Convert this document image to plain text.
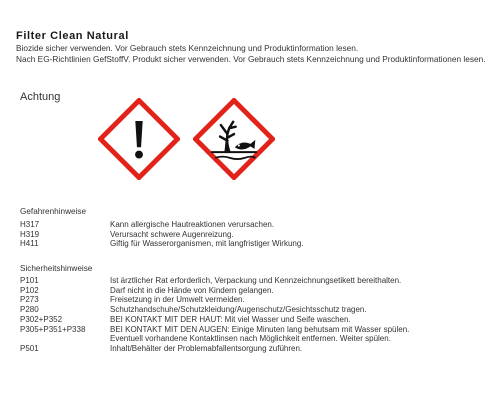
Filter Clean Natural
Biozide sicher verwenden. Vor Gebrauch stets Kennzeichnung und Produktinformation lesen.
Nach EG-Richtlinien GefStoffV. Produkt sicher verwenden. Vor Gebrauch stets Kennzeichnung und Produktinformationen lesen.
Achtung
Gefahrenhinweise
H317	Kann allergische Hautreaktionen verursachen.
H319	Verursacht schwere Augenreizung.
H411	Giftig für Wasserorganismen, mit langfristiger Wirkung.
Sicherheitshinweise
P101	Ist ärztlicher Rat erforderlich, Verpackung und Kennzeichnungsetikett bereithalten.
P102	Darf nicht in die Hände von Kindern gelangen.
P273	Freisetzung in der Umwelt vermeiden.
P280	Schutzhandschuhe/Schutzkleidung/Augenschutz/Gesichtsschutz tragen.
P302+P352	BEI KONTAKT MIT DER HAUT: Mit viel Wasser und Seife waschen.
P305+P351+P338	BEI KONTAKT MIT DEN AUGEN: Einige Minuten lang behutsam mit Wasser spülen.
Eventuell vorhandene Kontaktlinsen nach Möglichkeit entfernen. Weiter spülen.
P501	Inhalt/Behälter der Problemabfallentsorgung zuführen.
